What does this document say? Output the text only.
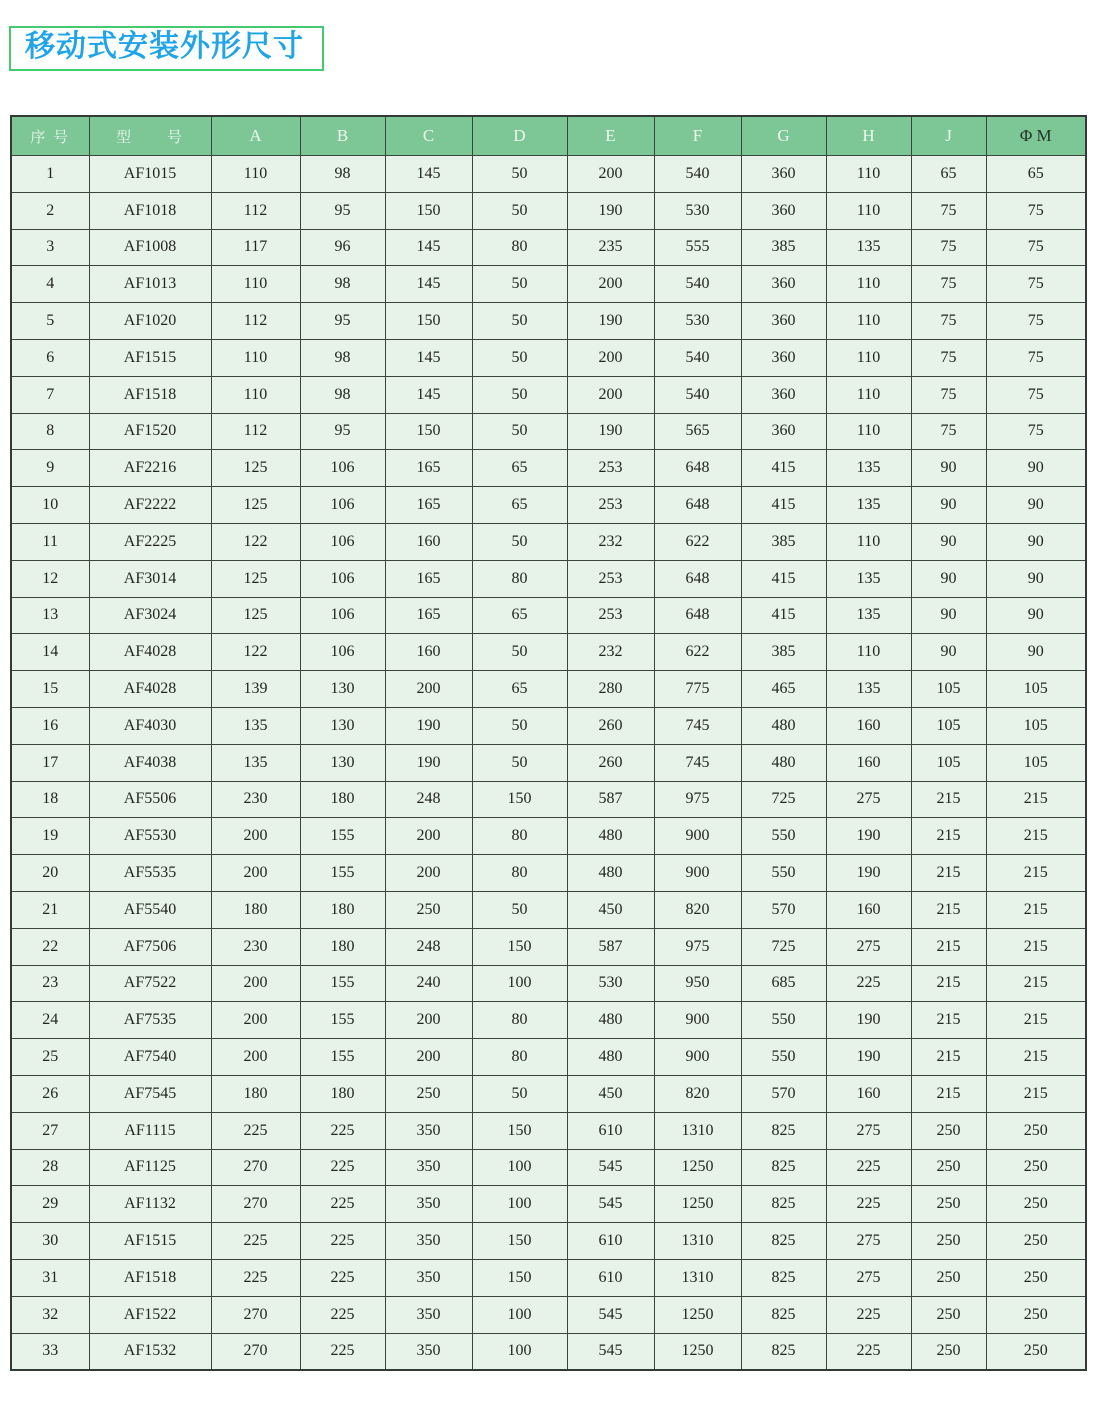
移动式安装外形尺寸
序 号	型　　号	A	B	C	D	E	F	G	H	J	Φ M
1	AF1015	110	98	145	50	200	540	360	110	65	65
2	AF1018	112	95	150	50	190	530	360	110	75	75
3	AF1008	117	96	145	80	235	555	385	135	75	75
4	AF1013	110	98	145	50	200	540	360	110	75	75
5	AF1020	112	95	150	50	190	530	360	110	75	75
6	AF1515	110	98	145	50	200	540	360	110	75	75
7	AF1518	110	98	145	50	200	540	360	110	75	75
8	AF1520	112	95	150	50	190	565	360	110	75	75
9	AF2216	125	106	165	65	253	648	415	135	90	90
10	AF2222	125	106	165	65	253	648	415	135	90	90
11	AF2225	122	106	160	50	232	622	385	110	90	90
12	AF3014	125	106	165	80	253	648	415	135	90	90
13	AF3024	125	106	165	65	253	648	415	135	90	90
14	AF4028	122	106	160	50	232	622	385	110	90	90
15	AF4028	139	130	200	65	280	775	465	135	105	105
16	AF4030	135	130	190	50	260	745	480	160	105	105
17	AF4038	135	130	190	50	260	745	480	160	105	105
18	AF5506	230	180	248	150	587	975	725	275	215	215
19	AF5530	200	155	200	80	480	900	550	190	215	215
20	AF5535	200	155	200	80	480	900	550	190	215	215
21	AF5540	180	180	250	50	450	820	570	160	215	215
22	AF7506	230	180	248	150	587	975	725	275	215	215
23	AF7522	200	155	240	100	530	950	685	225	215	215
24	AF7535	200	155	200	80	480	900	550	190	215	215
25	AF7540	200	155	200	80	480	900	550	190	215	215
26	AF7545	180	180	250	50	450	820	570	160	215	215
27	AF1115	225	225	350	150	610	1310	825	275	250	250
28	AF1125	270	225	350	100	545	1250	825	225	250	250
29	AF1132	270	225	350	100	545	1250	825	225	250	250
30	AF1515	225	225	350	150	610	1310	825	275	250	250
31	AF1518	225	225	350	150	610	1310	825	275	250	250
32	AF1522	270	225	350	100	545	1250	825	225	250	250
33	AF1532	270	225	350	100	545	1250	825	225	250	250
